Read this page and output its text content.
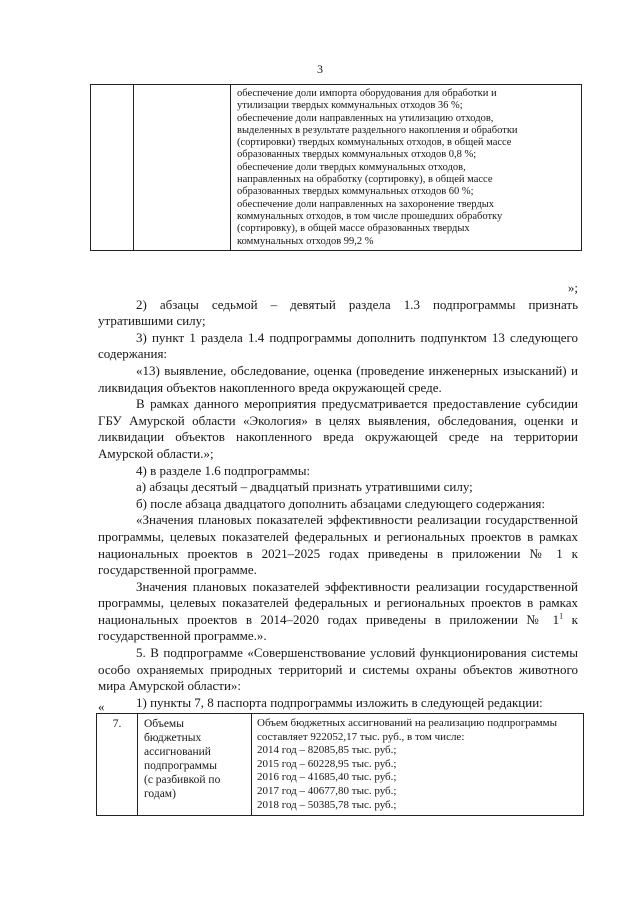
3

обеспечение доли импорта оборудования для обработки и
утилизации твердых коммунальных отходов 36 %;
обеспечение доли направленных на утилизацию отходов,
выделенных в результате раздельного накопления и обработки
(сортировки) твердых коммунальных отходов, в общей массе
образованных твердых коммунальных отходов 0,8 %;
обеспечение доли твердых коммунальных отходов,
направленных на обработку (сортировку), в общей массе
образованных твердых коммунальных отходов 60 %;
обеспечение доли направленных на захоронение твердых
коммунальных отходов, в том числе прошедших обработку
(сортировку), в общей массе образованных твердых
коммунальных отходов 99,2 %

»;

2) абзацы седьмой – девятый раздела 1.3 подпрограммы признать утратившими силу;

3) пункт 1 раздела 1.4 подпрограммы дополнить подпунктом 13 следующего содержания:

«13) выявление, обследование, оценка (проведение инженерных изысканий) и ликвидация объектов накопленного вреда окружающей среде.

В рамках данного мероприятия предусматривается предоставление субсидии ГБУ Амурской области «Экология» в целях выявления, обследования, оценки и ликвидации объектов накопленного вреда окружающей среде на территории Амурской области.»;

4) в разделе 1.6 подпрограммы:

а) абзацы десятый – двадцатый признать утратившими силу;

б) после абзаца двадцатого дополнить абзацами следующего содержания:

«Значения плановых показателей эффективности реализации государственной программы, целевых показателей федеральных и региональных проектов в рамках национальных проектов в 2021–2025 годах приведены в приложении № 1 к государственной программе.

Значения плановых показателей эффективности реализации государственной программы, целевых показателей федеральных и региональных проектов в рамках национальных проектов в 2014–2020 годах приведены в приложении № $1^1$ к государственной программе.».

5. В подпрограмме «Совершенствование условий функционирования системы особо охраняемых природных территорий и системы охраны объектов животного мира Амурской области»:

1) пункты 7, 8 паспорта подпрограммы изложить в следующей редакции:

«
7.	Объемы
бюджетных
ассигнований
подпрограммы
(с разбивкой по
годам)

Объем бюджетных ассигнований на реализацию подпрограммы
составляет 922052,17 тыс. руб., в том числе:
2014 год – 82085,85 тыс. руб.;
2015 год – 60228,95 тыс. руб.;
2016 год – 41685,40 тыс. руб.;
2017 год – 40677,80 тыс. руб.;
2018 год – 50385,78 тыс. руб.;
